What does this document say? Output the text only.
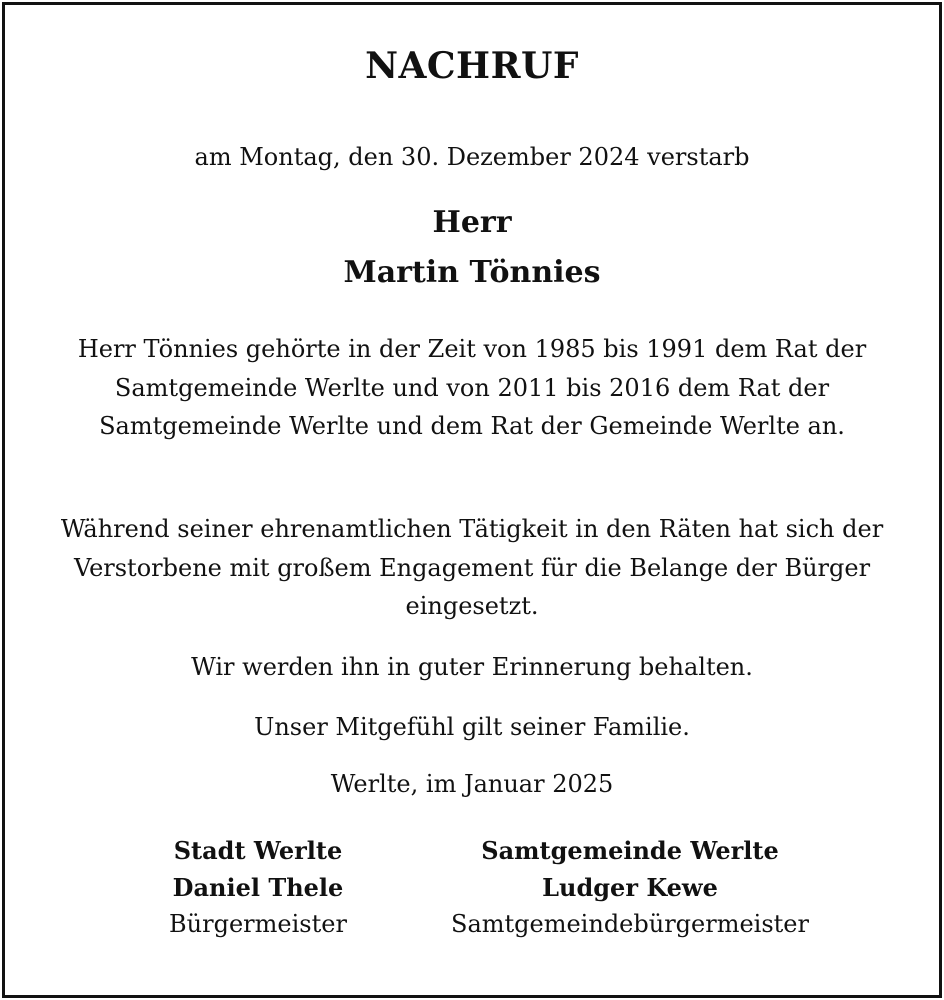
NACHRUF
am Montag, den 30. Dezember 2024 verstarb
Herr
Martin Tönnies
Herr Tönnies gehörte in der Zeit von 1985 bis 1991 dem Rat der Samtgemeinde Werlte und von 2011 bis 2016 dem Rat der Samtgemeinde Werlte und dem Rat der Gemeinde Werlte an.
Während seiner ehrenamtlichen Tätigkeit in den Räten hat sich der Verstorbene mit großem Engagement für die Belange der Bürger eingesetzt.
Wir werden ihn in guter Erinnerung behalten.
Unser Mitgefühl gilt seiner Familie.
Werlte, im Januar 2025
Stadt Werlte
Daniel Thele
Bürgermeister
Samtgemeinde Werlte
Ludger Kewe
Samtgemeindebürgermeister
